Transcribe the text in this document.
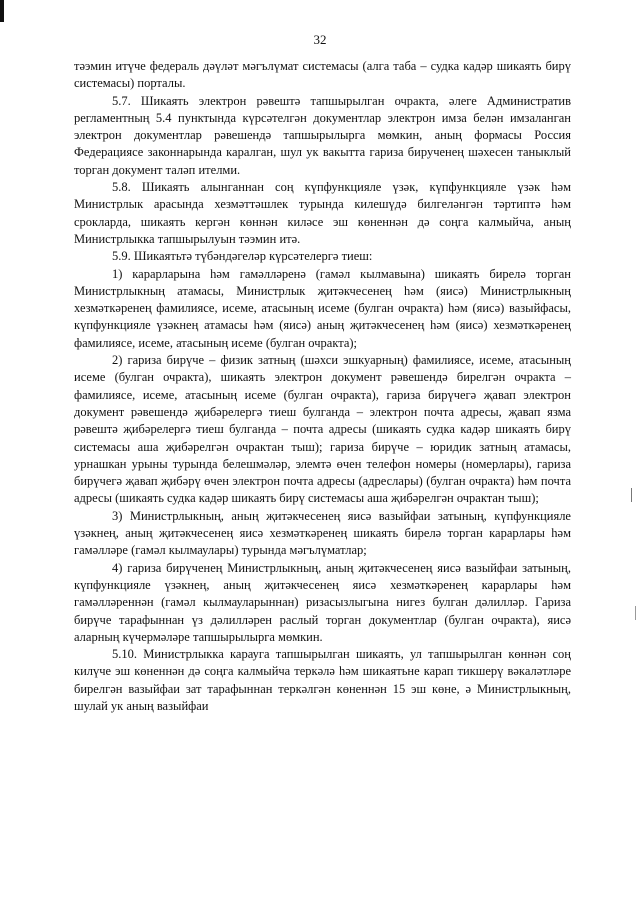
32

тәэмин итүче федераль дәүләт мәгълүмат системасы (алга таба – судка кадәр шикаять бирү системасы) порталы.

5.7. Шикаять электрон рәвештә тапшырылган очракта, әлеге Административ регламентның 5.4 пунктында күрсәтелгән документлар электрон имза белән имзаланган электрон документлар рәвешендә тапшырылырга мөмкин, аның формасы Россия Федерациясе законнарында каралган, шул ук вакытта гариза бирученең шәхесен таныклый торган документ таләп ителми.

5.8. Шикаять алынганнан соң күпфункцияле үзәк, күпфункцияле үзәк һәм Министрлык арасында хезмәттәшлек турында килешүдә билгеләнгән тәртиптә һәм срокларда, шикаять кергән көннән киләсе эш көненнән дә соңга калмыйча, аның Министрлыкка тапшырылуын тәэмин итә.

5.9. Шикаятьтә түбәндәгеләр күрсәтелергә тиеш:

1) карарларына һәм гамәлләренә (гамәл кылмавына) шикаять бирелә торган Министрлыкның атамасы, Министрлык җитәкчесенең һәм (яисә) Министрлыкның хезмәткәренең фамилиясе, исеме, атасының исеме (булган очракта) һәм (яисә) вазыйфасы, күпфункцияле үзәкнең атамасы һәм (яисә) аның җитәкчесенең һәм (яисә) хезмәткәренең фамилиясе, исеме, атасының исеме (булган очракта);

2) гариза бирүче – физик затның (шәхси эшкуарның) фамилиясе, исеме, атасының исеме (булган очракта), шикаять электрон документ рәвешендә бирелгән очракта – фамилиясе, исеме, атасының исеме (булган очракта), гариза бирүчегә җавап электрон документ рәвешендә җибәрелергә тиеш булганда – электрон почта адресы, җавап язма рәвештә җибәрелергә тиеш булганда – почта адресы (шикаять судка кадәр шикаять бирү системасы аша җибәрелгән очрактан тыш); гариза бирүче – юридик затның атамасы, урнашкан урыны турында белешмәләр, элемтә өчен телефон номеры (номерлары), гариза бирүчегә җавап җибәрү өчен электрон почта адресы (адреслары) (булган очракта) һәм почта адресы (шикаять судка кадәр шикаять бирү системасы аша җибәрелгән очрактан тыш);

3) Министрлыкның, аның җитәкчесенең яисә вазыйфаи затының, күпфункцияле үзәкнең, аның җитәкчесенең яисә хезмәткәренең шикаять бирелә торган карарлары һәм гамәлләре (гамәл кылмаулары) турында мәгълүматлар;

4) гариза бирүченең Министрлыкның, аның җитәкчесенең яисә вазыйфаи затының, күпфункцияле үзәкнең, аның җитәкчесенең яисә хезмәткәренең карарлары һәм гамәлләреннән (гамәл кылмауларыннан) ризасызлыгына нигез булган дәлилләр. Гариза бирүче тарафыннан үз дәлилләрен раслый торган документлар (булган очракта), яисә аларның күчермәләре тапшырылырга мөмкин.

5.10. Министрлыкка карауга тапшырылган шикаять, ул тапшырылган көннән соң килүче эш көненнән дә соңга калмыйча теркәлә һәм шикаятьне карап тикшерү вәкаләтләре бирелгән вазыйфаи зат тарафыннан теркәлгән көненнән 15 эш көне, ә Министрлыкның, шулай ук аның вазыйфаи
